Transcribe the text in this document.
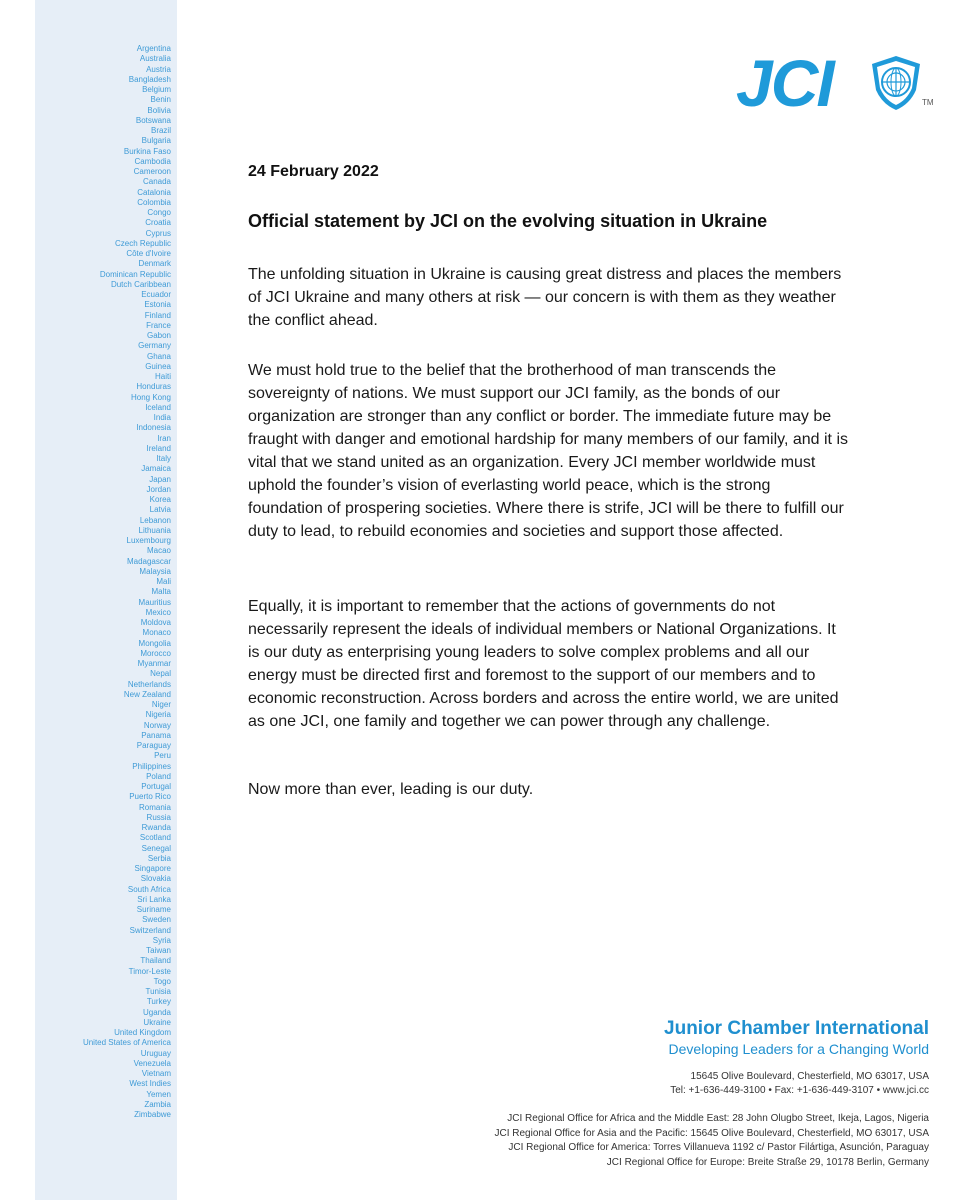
Argentina
Australia
Austria
Bangladesh
Belgium
Benin
Bolivia
Botswana
Brazil
Bulgaria
Burkina Faso
Cambodia
Cameroon
Canada
Catalonia
Colombia
Congo
Croatia
Cyprus
Czech Republic
Côte d'Ivoire
Denmark
Dominican Republic
Dutch Caribbean
Ecuador
Estonia
Finland
France
Gabon
Germany
Ghana
Guinea
Haiti
Honduras
Hong Kong
Iceland
India
Indonesia
Iran
Ireland
Italy
Jamaica
Japan
Jordan
Korea
Latvia
Lebanon
Lithuania
Luxembourg
Macao
Madagascar
Malaysia
Mali
Malta
Mauritius
Mexico
Moldova
Monaco
Mongolia
Morocco
Myanmar
Nepal
Netherlands
New Zealand
Niger
Nigeria
Norway
Panama
Paraguay
Peru
Philippines
Poland
Portugal
Puerto Rico
Romania
Russia
Rwanda
Scotland
Senegal
Serbia
Singapore
Slovakia
South Africa
Sri Lanka
Suriname
Sweden
Switzerland
Syria
Taiwan
Thailand
Timor-Leste
Togo
Tunisia
Turkey
Uganda
Ukraine
United Kingdom
United States of America
Uruguay
Venezuela
Vietnam
West Indies
Yemen
Zambia
Zimbabwe
JCI	TM
24 February 2022
Official statement by JCI on the evolving situation in Ukraine

The unfolding situation in Ukraine is causing great distress and places the members of JCI Ukraine and many others at risk — our concern is with them as they weather the conflict ahead.

We must hold true to the belief that the brotherhood of man transcends the sovereignty of nations. We must support our JCI family, as the bonds of our organization are stronger than any conflict or border. The immediate future may be fraught with danger and emotional hardship for many members of our family, and it is vital that we stand united as an organization. Every JCI member worldwide must uphold the founder’s vision of everlasting world peace, which is the strong foundation of prospering societies. Where there is strife, JCI will be there to fulfill our duty to lead, to rebuild economies and societies and support those affected.

Equally, it is important to remember that the actions of governments do not necessarily represent the ideals of individual members or National Organizations. It is our duty as enterprising young leaders to solve complex problems and all our energy must be directed first and foremost to the support of our members and to economic reconstruction. Across borders and across the entire world, we are united as one JCI, one family and together we can power through any challenge.

Now more than ever, leading is our duty.

Junior Chamber International
Developing Leaders for a Changing World
15645 Olive Boulevard, Chesterfield, MO 63017, USA
Tel: +1-636-449-3100 • Fax: +1-636-449-3107 • www.jci.cc
JCI Regional Office for Africa and the Middle East: 28 John Olugbo Street, Ikeja, Lagos, Nigeria
JCI Regional Office for Asia and the Pacific: 15645 Olive Boulevard, Chesterfield, MO 63017, USA
JCI Regional Office for America: Torres Villanueva 1192 c/ Pastor Filártiga, Asunción, Paraguay
JCI Regional Office for Europe: Breite Straße 29, 10178 Berlin, Germany
